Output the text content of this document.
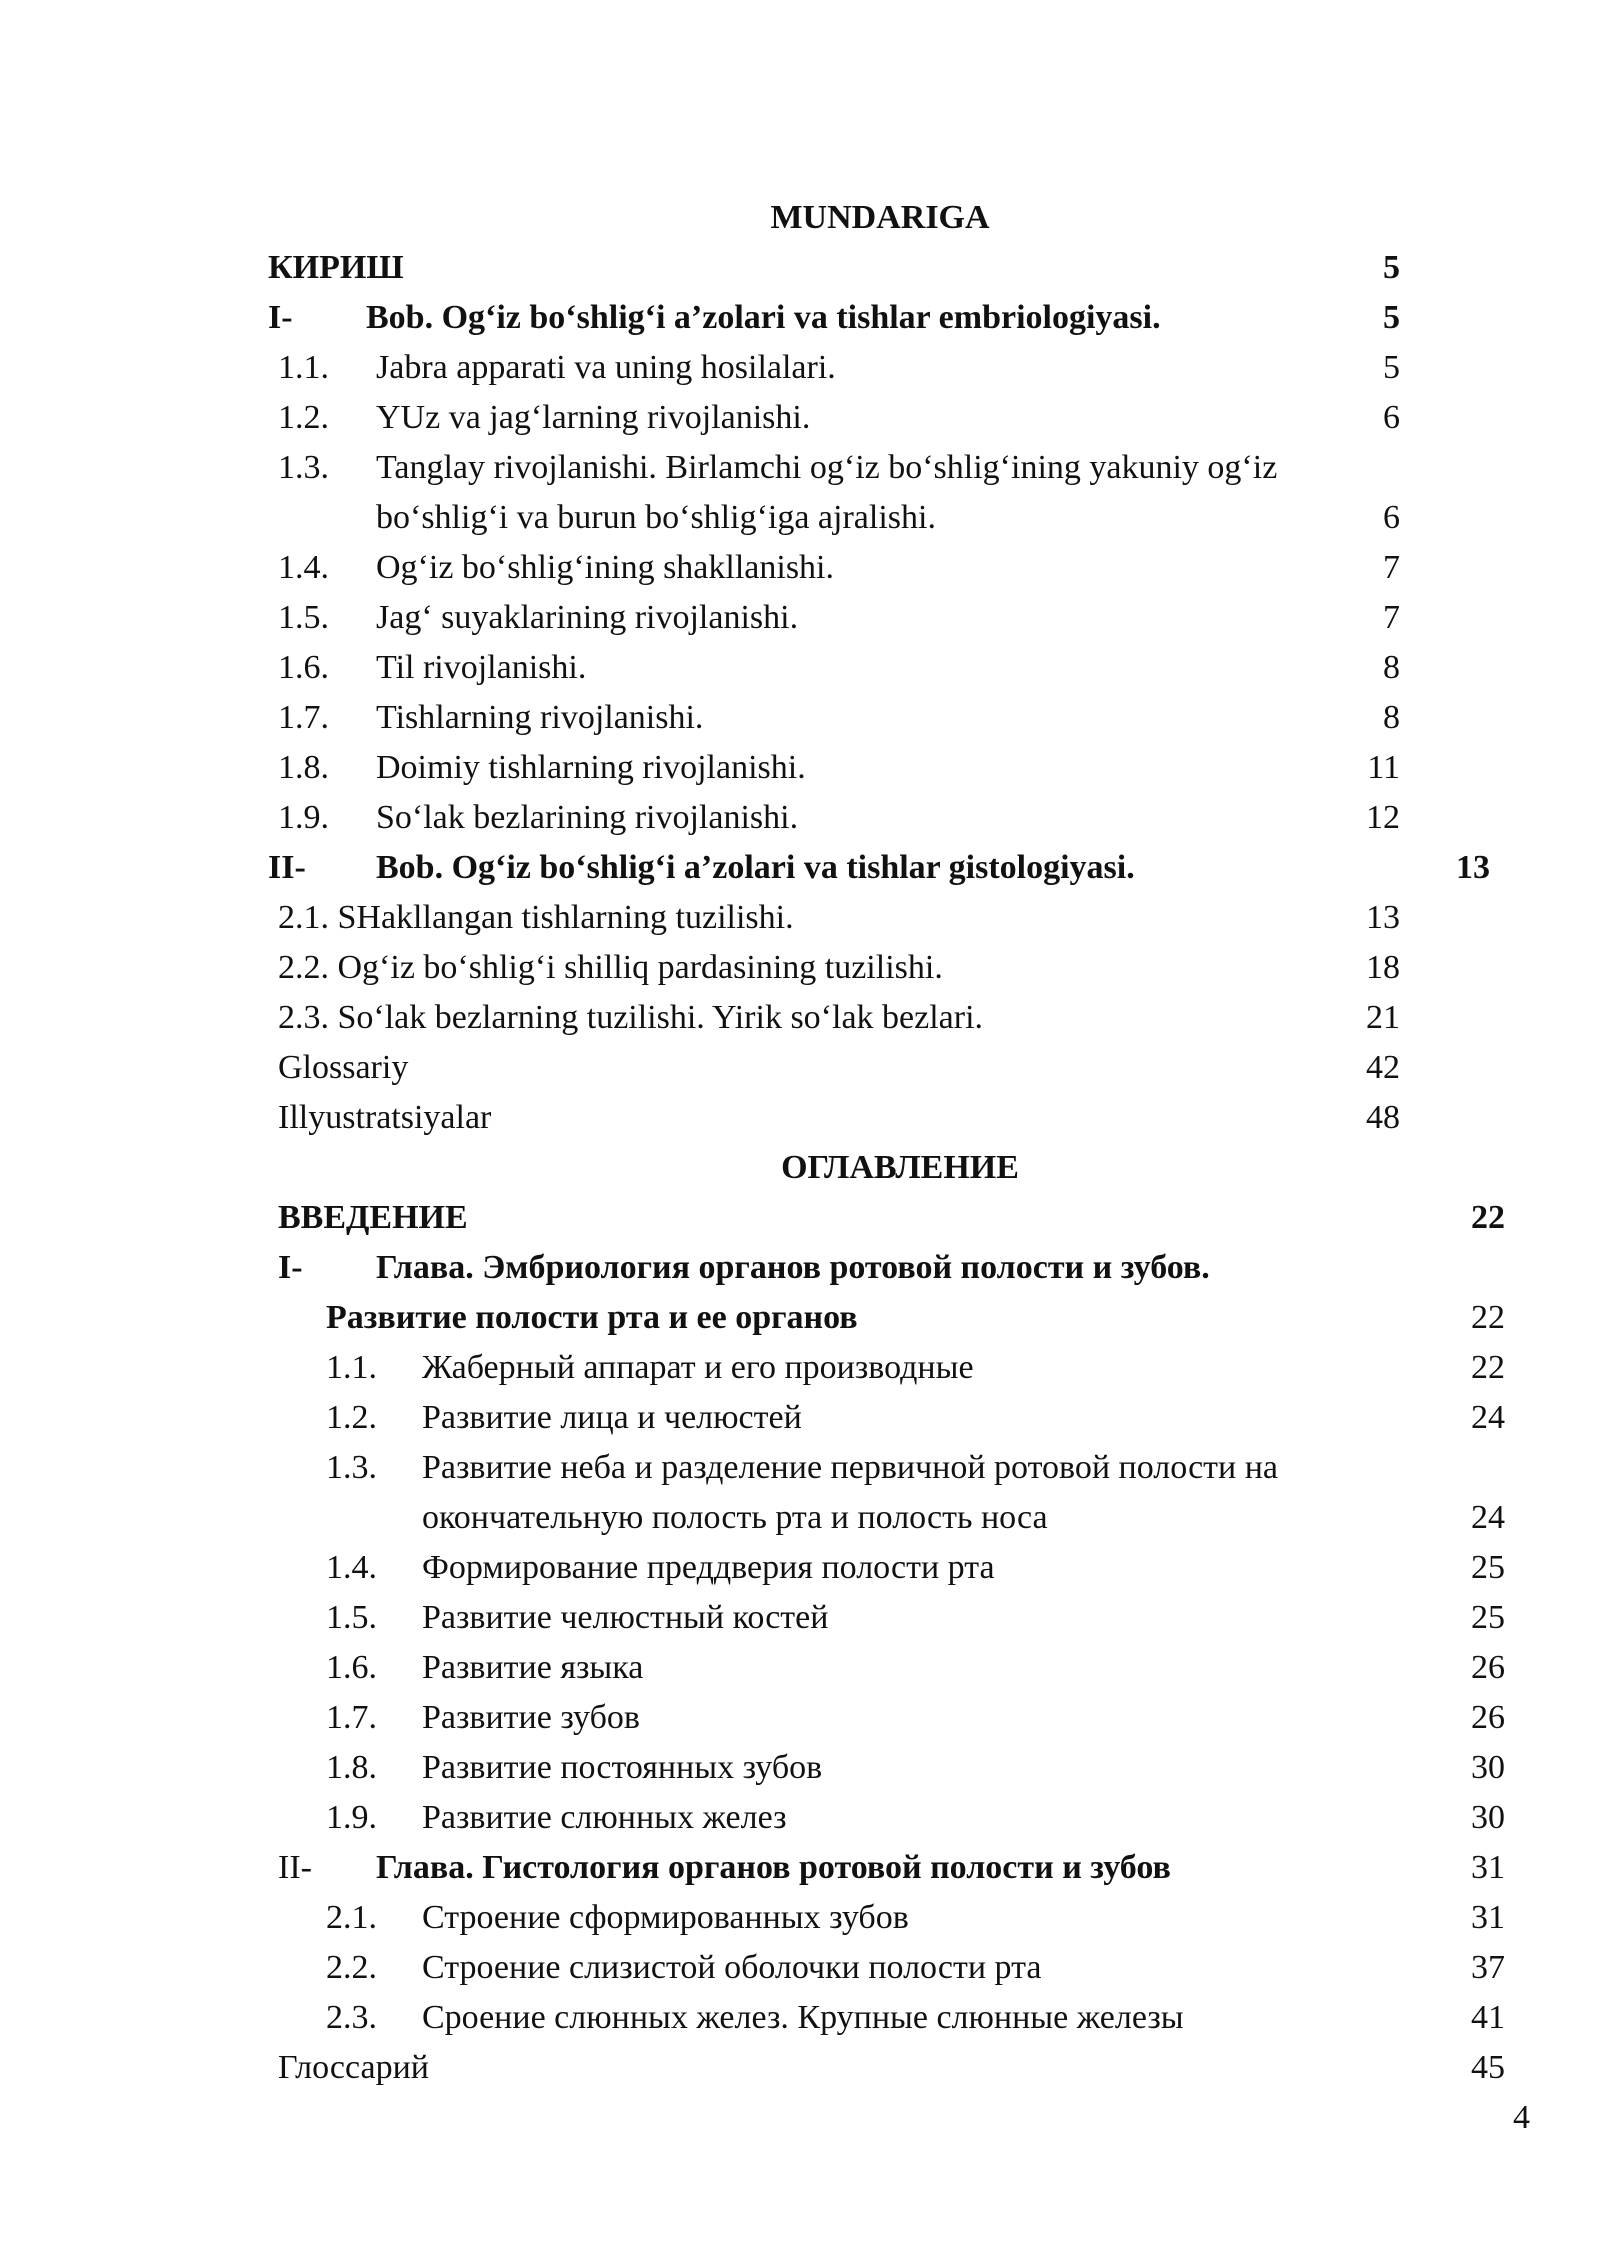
MUNDARIGA
КИРИШ	5
I- Bob. Og‘iz bo‘shlig‘i a’zolari va tishlar embriologiyasi.	5
1.1. Jabra apparati va uning hosilalari.	5
1.2. YUz va jag‘larning rivojlanishi.	6
1.3. Tanglay rivojlanishi. Birlamchi og‘iz bo‘shlig‘ining yakuniy og‘iz
bo‘shlig‘i va burun bo‘shlig‘iga ajralishi.	6
1.4. Og‘iz bo‘shlig‘ining shakllanishi.	7
1.5. Jag‘ suyaklarining rivojlanishi.	7
1.6. Til rivojlanishi.	8
1.7. Tishlarning rivojlanishi.	8
1.8. Doimiy tishlarning rivojlanishi.	11
1.9. So‘lak bezlarining rivojlanishi.	12
II- Bob. Og‘iz bo‘shlig‘i a’zolari va tishlar gistologiyasi.	13
2.1. SHakllangan tishlarning tuzilishi.	13
2.2. Og‘iz bo‘shlig‘i shilliq pardasining tuzilishi.	18
2.3. So‘lak bezlarning tuzilishi. Yirik so‘lak bezlari.	21
Glossariy	42
Illyustratsiyalar	48
ОГЛАВЛЕНИЕ
ВВЕДЕНИЕ	22
I- Глава. Эмбриология органов ротовой полости и зубов.
Развитие полости рта и ее органов	22
1.1. Жаберный аппарат и его производные	22
1.2. Развитие лица и челюстей	24
1.3. Развитие неба и разделение первичной ротовой полости на
окончательную полость рта и полость носа	24
1.4. Формирование преддверия полости рта	25
1.5. Развитие челюстный костей	25
1.6. Развитие языка	26
1.7. Развитие зубов	26
1.8. Развитие постоянных зубов	30
1.9. Развитие слюнных желез	30
II- Глава. Гистология органов ротовой полости и зубов	31
2.1. Строение сформированных зубов	31
2.2. Строение слизистой оболочки полости рта	37
2.3. Сроение слюнных желез. Крупные слюнные железы	41
Глоссарий	45
4
